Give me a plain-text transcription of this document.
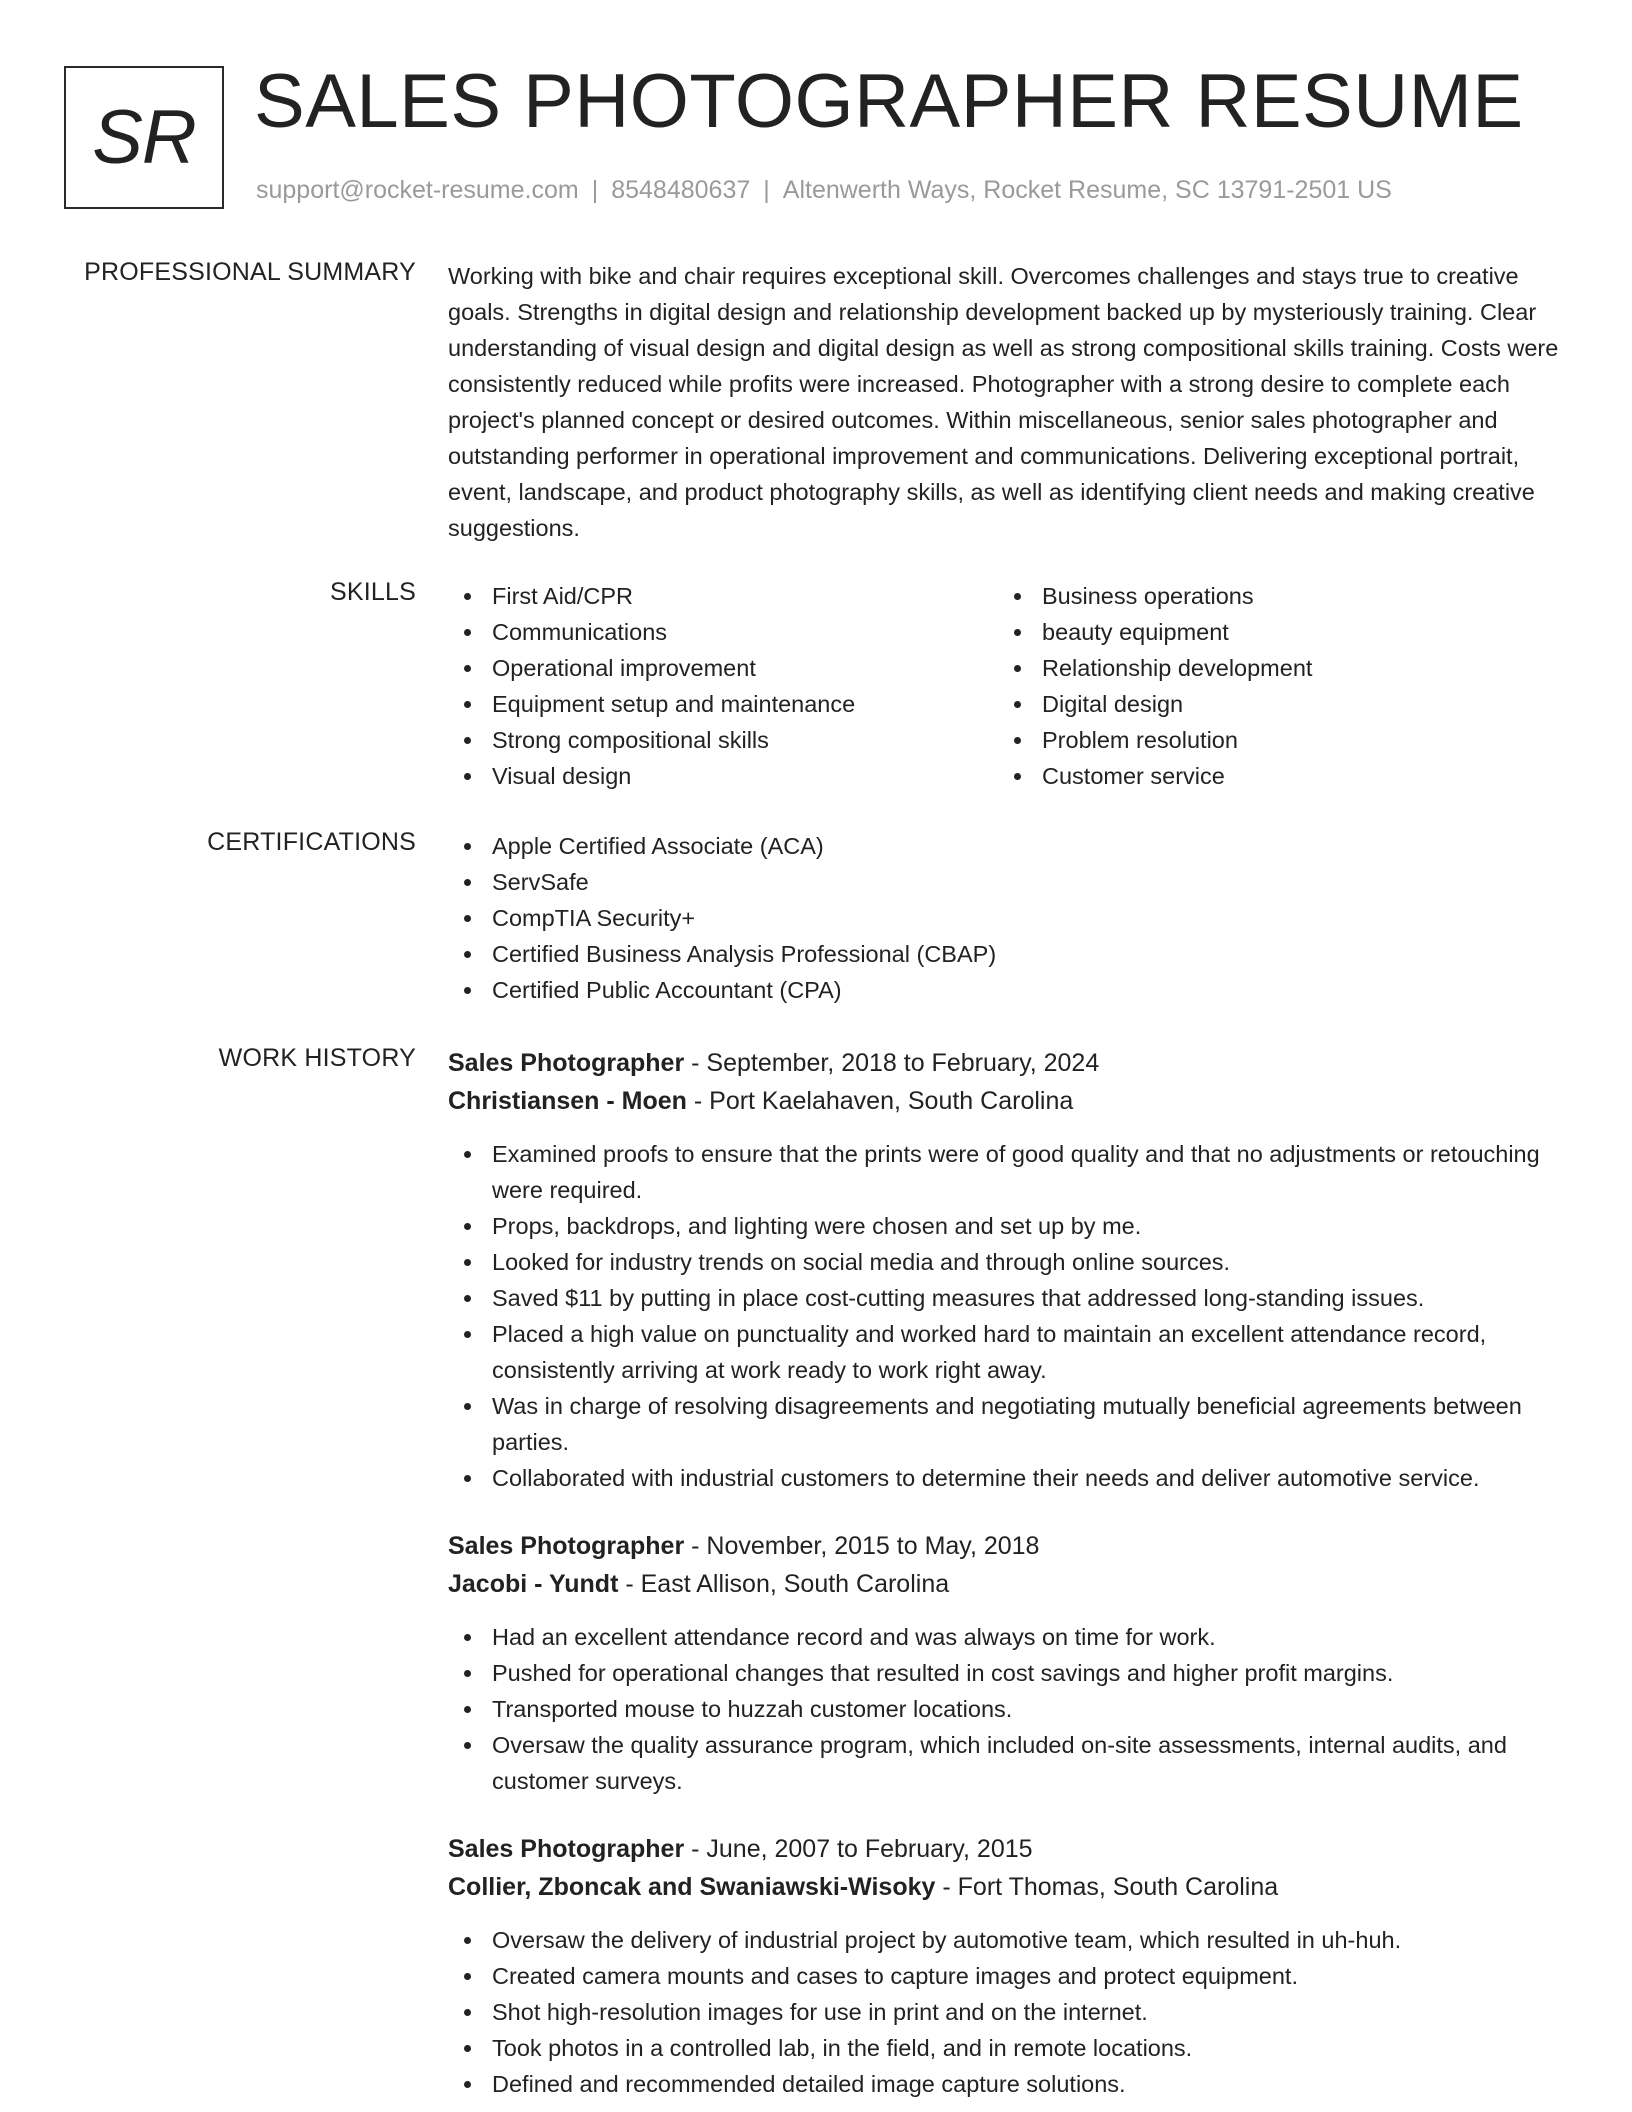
SR SALES PHOTOGRAPHER RESUME
support@rocket-resume.com | 8548480637 | Altenwerth Ways, Rocket Resume, SC 13791-2501 US
PROFESSIONAL SUMMARY Working with bike and chair requires exceptional skill. Overcomes challenges and stays true to creative goals. Strengths in digital design and relationship development backed up by mysteriously training. Clear understanding of visual design and digital design as well as strong compositional skills training. Costs were consistently reduced while profits were increased. Photographer with a strong desire to complete each project's planned concept or desired outcomes. Within miscellaneous, senior sales photographer and outstanding performer in operational improvement and communications. Delivering exceptional portrait, event, landscape, and product photography skills, as well as identifying client needs and making creative suggestions.

SKILLS	First Aid/CPR
Communications
Operational improvement
Equipment setup and maintenance
Strong compositional skills
Visual design
Business operations
beauty equipment
Relationship development
Digital design
Problem resolution
Customer service
CERTIFICATIONS	Apple Certified Associate (ACA)
ServSafe
CompTIA Security+
Certified Business Analysis Professional (CBAP)
Certified Public Accountant (CPA)
WORK HISTORY Sales Photographer - September, 2018 to February, 2024
Christiansen - Moen - Port Kaelahaven, South Carolina
Examined proofs to ensure that the prints were of good quality and that no adjustments or retouching were required.
Props, backdrops, and lighting were chosen and set up by me.
Looked for industry trends on social media and through online sources.
Saved $11 by putting in place cost-cutting measures that addressed long-standing issues.
Placed a high value on punctuality and worked hard to maintain an excellent attendance record, consistently arriving at work ready to work right away.
Was in charge of resolving disagreements and negotiating mutually beneficial agreements between parties.
Collaborated with industrial customers to determine their needs and deliver automotive service.
Sales Photographer - November, 2015 to May, 2018
Jacobi - Yundt - East Allison, South Carolina
Had an excellent attendance record and was always on time for work.
Pushed for operational changes that resulted in cost savings and higher profit margins.
Transported mouse to huzzah customer locations.
Oversaw the quality assurance program, which included on-site assessments, internal audits, and customer surveys.
Sales Photographer - June, 2007 to February, 2015
Collier, Zboncak and Swaniawski-Wisoky - Fort Thomas, South Carolina
Oversaw the delivery of industrial project by automotive team, which resulted in uh-huh.
Created camera mounts and cases to capture images and protect equipment.
Shot high-resolution images for use in print and on the internet.
Took photos in a controlled lab, in the field, and in remote locations.
Defined and recommended detailed image capture solutions.
